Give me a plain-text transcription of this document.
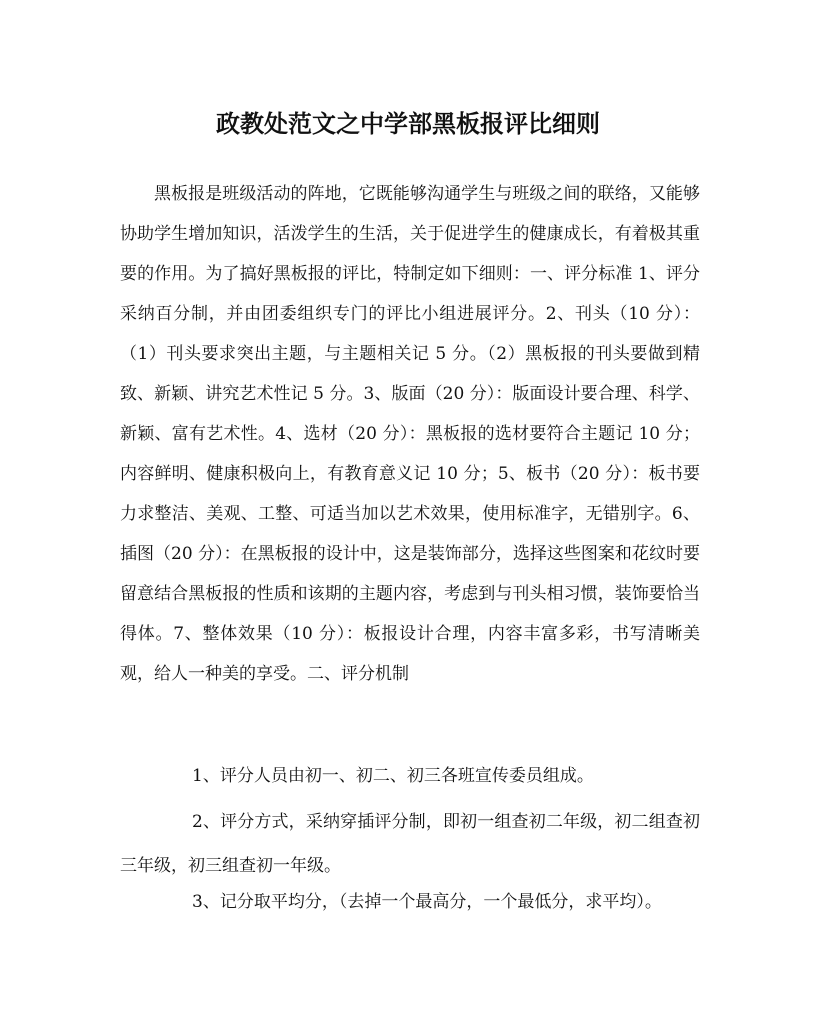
政教处范文之中学部黑板报评比细则

黑板报是班级活动的阵地，它既能够沟通学生与班级之间的联络，又能够协助学生增加知识，活泼学生的生活，关于促进学生的健康成长，有着极其重要的作用。为了搞好黑板报的评比，特制定如下细则：一、评分标准 1、评分采纳百分制，并由团委组织专门的评比小组进展评分。2、刊头（10 分）：（1）刊头要求突出主题，与主题相关记 5 分。（2）黑板报的刊头要做到精致、新颖、讲究艺术性记 5 分。3、版面（20 分）：版面设计要合理、科学、新颖、富有艺术性。4、选材（20 分）：黑板报的选材要符合主题记 10 分；内容鲜明、健康积极向上，有教育意义记 10 分；5、板书（20 分）：板书要力求整洁、美观、工整、可适当加以艺术效果，使用标准字，无错别字。6、插图（20 分）：在黑板报的设计中，这是装饰部分，选择这些图案和花纹时要留意结合黑板报的性质和该期的主题内容，考虑到与刊头相习惯，装饰要恰当得体。7、整体效果（10 分）：板报设计合理，内容丰富多彩，书写清晰美观，给人一种美的享受。二、评分机制

1、评分人员由初一、初二、初三各班宣传委员组成。

2、评分方式，采纳穿插评分制，即初一组查初二年级，初二组查初三年级，初三组查初一年级。

3、记分取平均分，（去掉一个最高分，一个最低分，求平均）。
